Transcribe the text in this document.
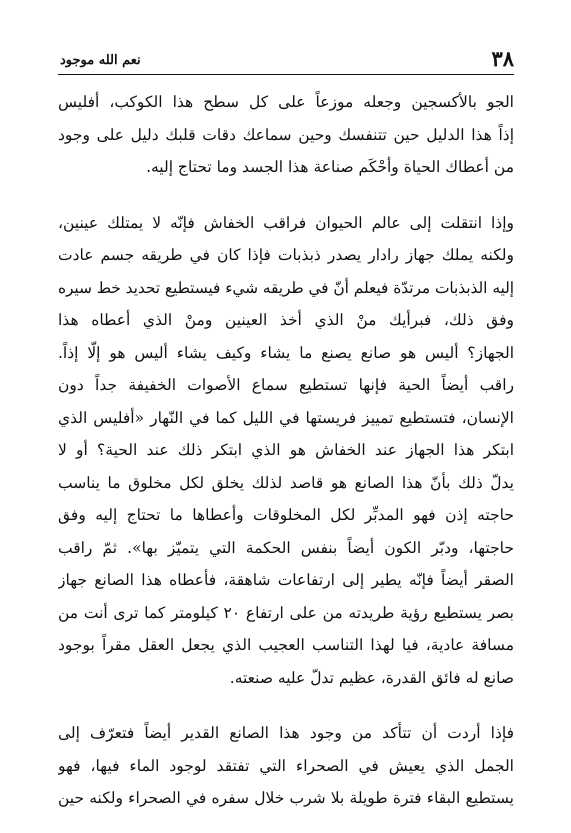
٣٨
نعم الله موجود
الجو بالأكسجين وجعله موزعاً على كل سطح هذا الكوكب، أفليس
إذاً هذا الدليل حين تتنفسك وحين سماعك دقات قلبك دليل على وجود
من أعطاك الحياة وأحْكَم صناعة هذا الجسد وما تحتاج إليه.
وإذا انتقلت إلى عالم الحيوان فراقب الخفاش فإنّه لا يمتلك عينين،
ولكنه يملك جهاز رادار يصدر ذبذبات فإذا كان في طريقه جسم عادت
إليه الذبذبات مرتدّة فيعلم أنّ في طريقه شيء فيستطيع تحديد خط سيره
وفق ذلك، فبرأيك منْ الذي أخذ العينين ومنْ الذي أعطاه هذا
الجهاز؟ أليس هو صانع يصنع ما يشاء وكيف يشاء أليس هو إلّا إذاً.
راقب أيضاً الحية فإنها تستطيع سماع الأصوات الخفيفة جداً دون
الإنسان، فتستطيع تمييز فريستها في الليل كما في النّهار «أفليس الذي
ابتكر هذا الجهاز عند الخفاش هو الذي ابتكر ذلك عند الحية؟ أو لا
يدلّ ذلك بأنّ هذا الصانع هو قاصد لذلك يخلق لكل مخلوق ما يناسب
حاجته إذن فهو المدبِّر لكل المخلوقات وأعطاها ما تحتاج إليه وفق
حاجتها، ودبّر الكون أيضاً بنفس الحكمة التي يتميّز بها». ثمّ راقب
الصقر أيضاً فإنّه يطير إلى ارتفاعات شاهقة، فأعطاه هذا الصانع جهاز
بصر يستطيع رؤية طريدته من على ارتفاع ٢٠ كيلومتر كما ترى أنت من
مسافة عادية، فيا لهذا التناسب العجيب الذي يجعل العقل مقراً بوجود
صانع له فائق القدرة، عظيم تدلّ عليه صنعته.
فإذا أردت أن تتأكد من وجود هذا الصانع القدير أيضاً فتعرّف إلى
الجمل الذي يعيش في الصحراء التي تفتقد لوجود الماء فيها، فهو
يستطيع البقاء فترة طويلة بلا شرب خلال سفره في الصحراء ولكنه حين
